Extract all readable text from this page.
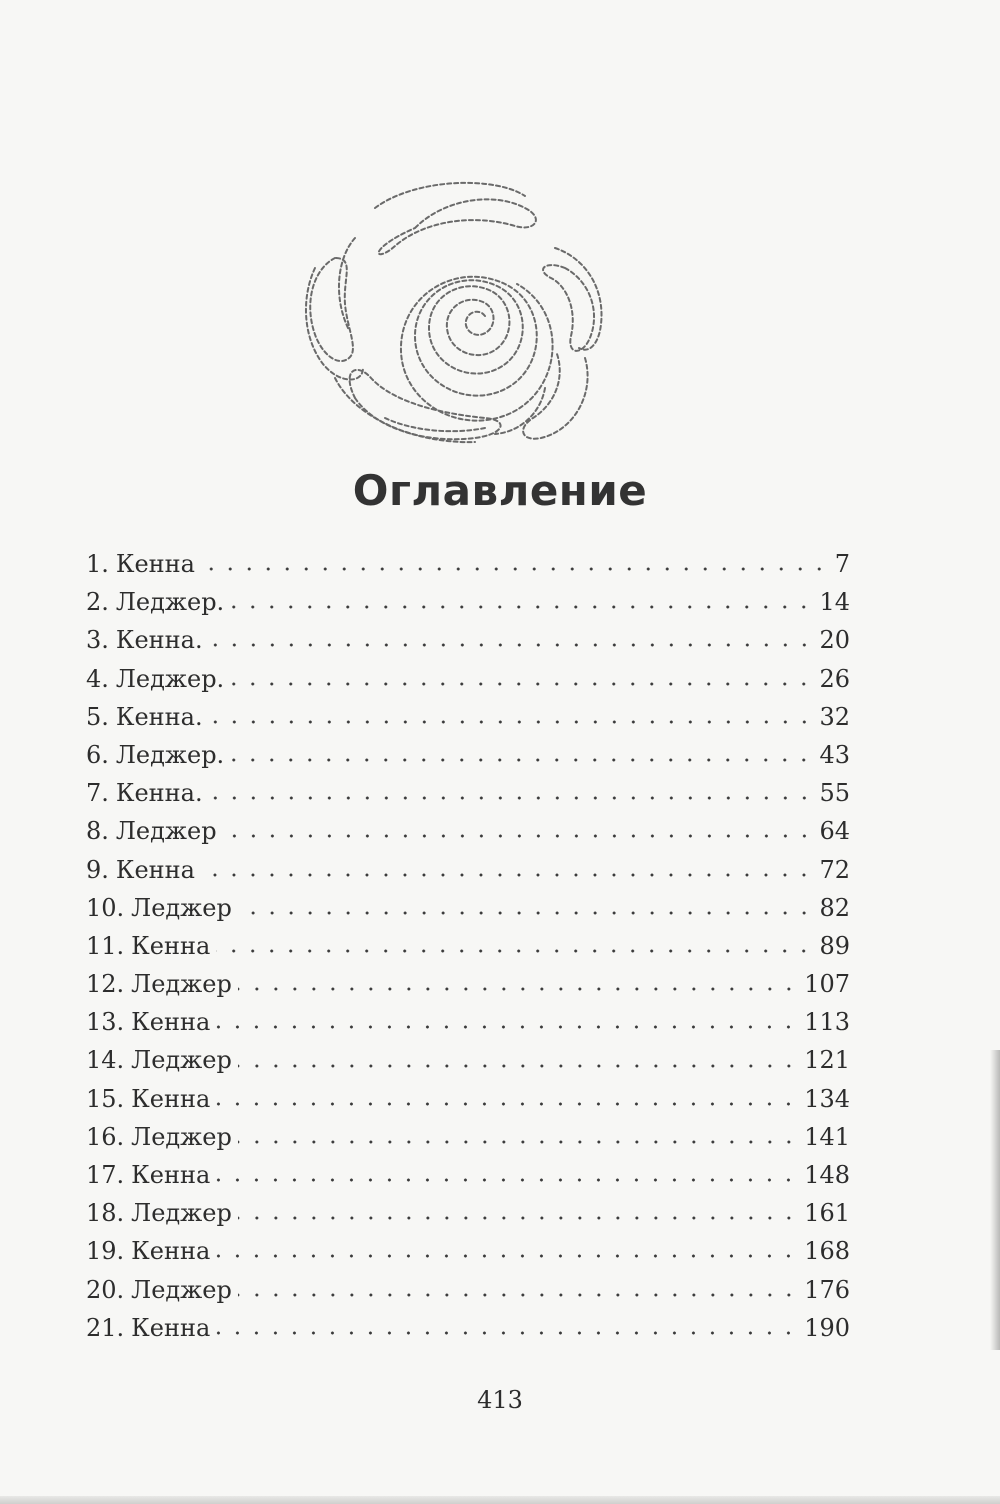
Оглавление
1. Кенна	7
2. Леджер.	14
3. Кенна.	20
4. Леджер.	26
5. Кенна.	32
6. Леджер.	43
7. Кенна.	55
8. Леджер	64
9. Кенна	72
10. Леджер	82
11. Кенна	89
12. Леджер	107
13. Кенна	113
14. Леджер	121
15. Кенна	134
16. Леджер	141
17. Кенна	148
18. Леджер	161
19. Кенна	168
20. Леджер	176
21. Кенна	190
413
